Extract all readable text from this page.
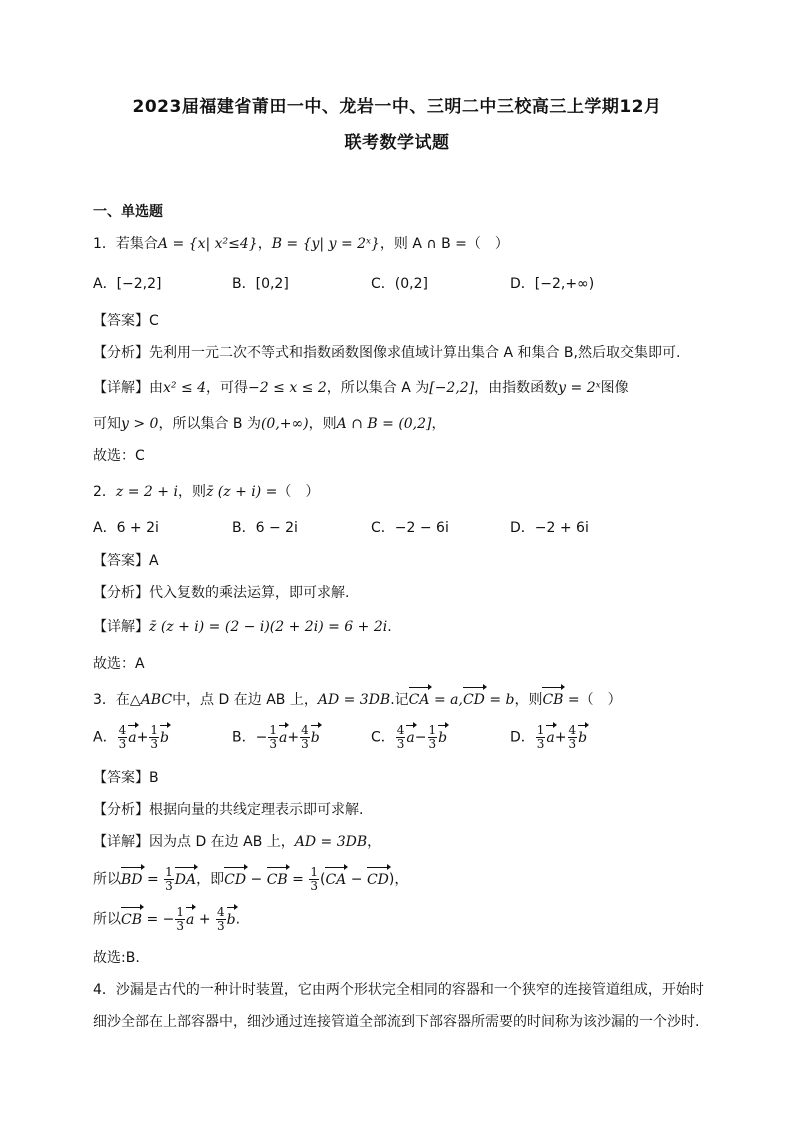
2023届福建省莆田一中、龙岩一中、三明二中三校高三上学期12月
联考数学试题
一、单选题
1．若集合A = {x| x²≤4}，B = {y| y = 2ˣ}，则 A ∩ B =（　）
A．[−2,2]	B．[0,2]	C．(0,2]	D．[−2,+∞)
【答案】C
【分析】先利用一元二次不等式和指数函数图像求值域计算出集合 A 和集合 B,然后取交集即可.
【详解】由x² ≤ 4，可得−2 ≤ x ≤ 2，所以集合 A 为[−2,2]，由指数函数y = 2ˣ图像
可知y > 0，所以集合 B 为(0,+∞)，则A ∩ B = (0,2]，
故选：C
2．z = 2 + i，则z̄ (z + i) =（　）
A．6 + 2i	B．6 − 2i	C．−2 − 6i	D．−2 + 6i
【答案】A
【分析】代入复数的乘法运算，即可求解.
【详解】z̄ (z + i) = (2 − i)(2 + 2i) = 6 + 2i.
故选：A
3．在△ABC中，点 D 在边 AB 上，AD = 3DB.记CA = a,CD = b，则CB =（　）
A． $\frac{4}{3} a+ \frac{1}{3}$ b	B．− $\frac{1}{3} a+ \frac{4}{3}$ b	C． $\frac{4}{3} a- \frac{1}{3}$ b	D． $\frac{1}{3} a+ \frac{4}{3}$ b
【答案】B
【分析】根据向量的共线定理表示即可求解.
【详解】因为点 D 在边 AB 上，AD = 3DB，
所以BD = $\frac{1}{3}$ DA，即CD − CB = $\frac{1}{3} (CA - CD)$，
所以CB = − $\frac{1}{3}$ $a + \frac{4}{3} b$.
故选:B.
4．沙漏是古代的一种计时装置，它由两个形状完全相同的容器和一个狭窄的连接管道组成，开始时
细沙全部在上部容器中，细沙通过连接管道全部流到下部容器所需要的时间称为该沙漏的一个沙时.
